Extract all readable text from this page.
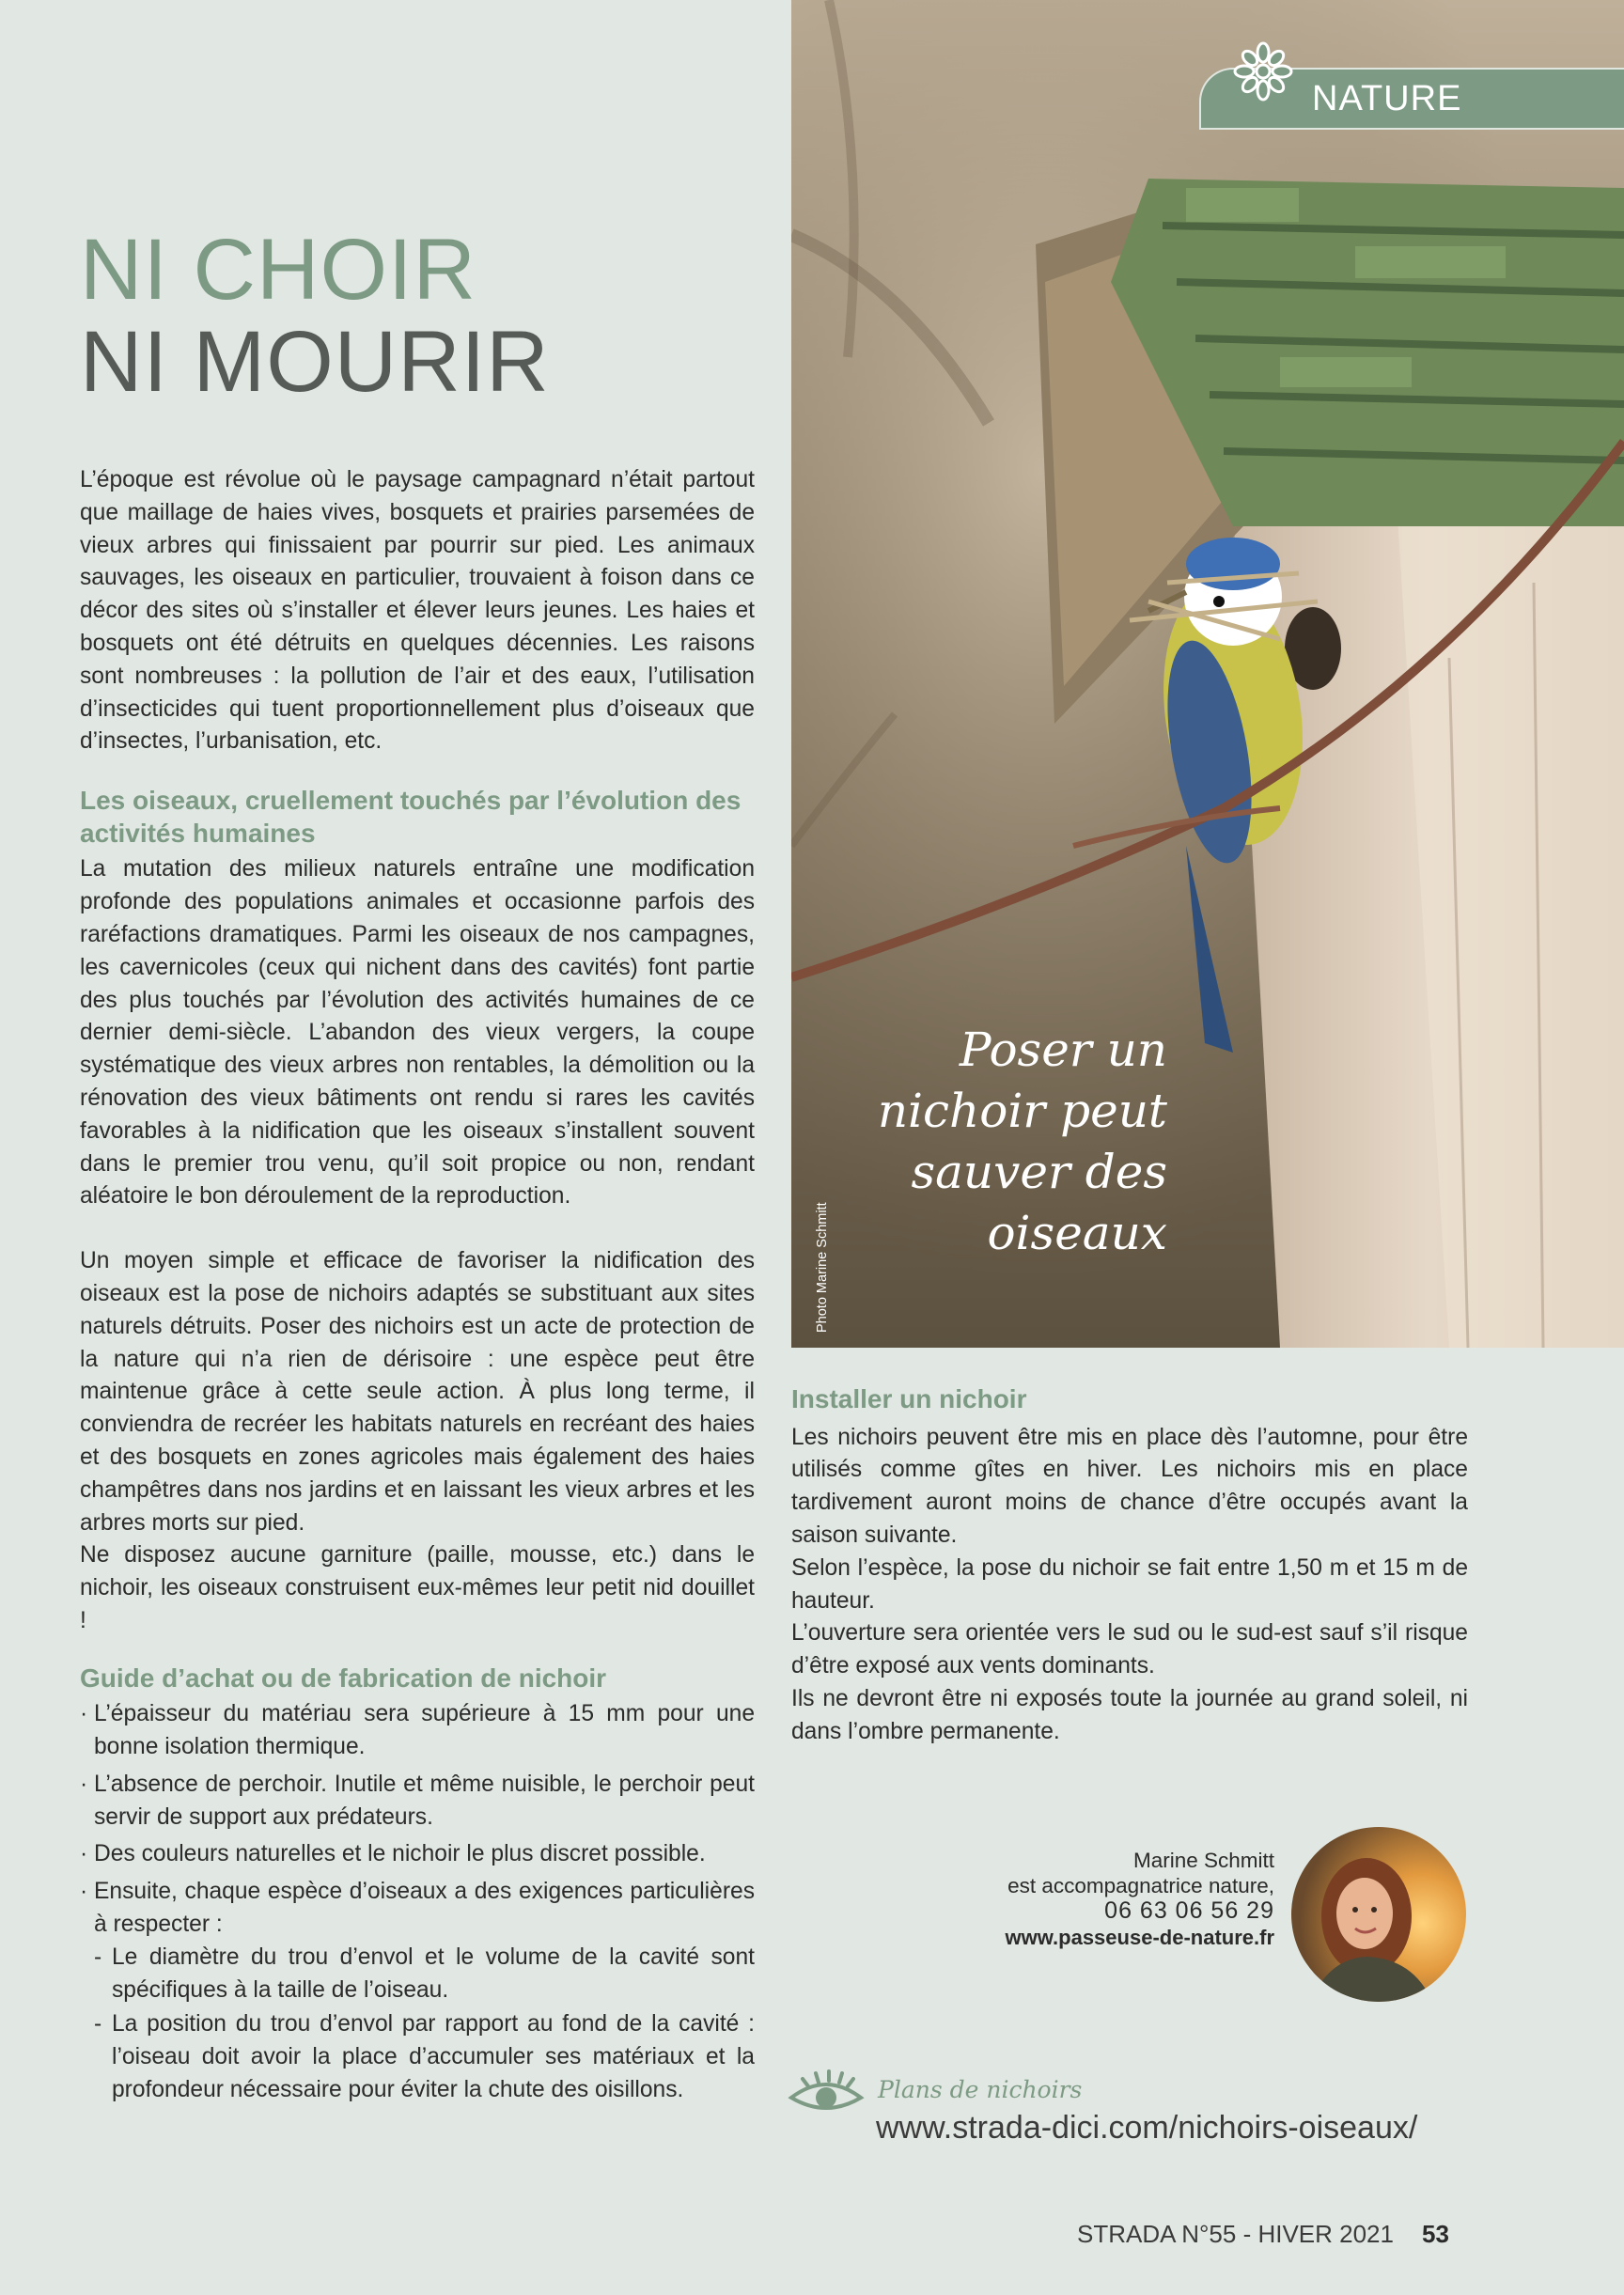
NI CHOIR
NI MOURIR

L’époque est révolue où le paysage campagnard n’était partout que maillage de haies vives, bosquets et prairies parsemées de vieux arbres qui finissaient par pourrir sur pied. Les animaux sauvages, les oiseaux en particulier, trouvaient à foison dans ce décor des sites où s’installer et élever leurs jeunes. Les haies et bosquets ont été détruits en quelques décennies. Les raisons sont nombreuses : la pollution de l’air et des eaux, l’utilisation d’insecticides qui tuent proportionnellement plus d’oiseaux que d’insectes, l’urbanisation, etc.

Les oiseaux, cruellement touchés par l’évolution des activités humaines

La mutation des milieux naturels entraîne une modification profonde des populations animales et occasionne parfois des raréfactions dramatiques. Parmi les oiseaux de nos campagnes, les cavernicoles (ceux qui nichent dans des cavités) font partie des plus touchés par l’évolution des activités humaines de ce dernier demi-siècle. L’abandon des vieux vergers, la coupe systématique des vieux arbres non rentables, la démolition ou la rénovation des vieux bâtiments ont rendu si rares les cavités favorables à la nidification que les oiseaux s’installent souvent dans le premier trou venu, qu’il soit propice ou non, rendant aléatoire le bon déroulement de la reproduction.

Un moyen simple et efficace de favoriser la nidification des oiseaux est la pose de nichoirs adaptés se substituant aux sites naturels détruits. Poser des nichoirs est un acte de protection de la nature qui n’a rien de dérisoire : une espèce peut être maintenue grâce à cette seule action. À plus long terme, il conviendra de recréer les habitats naturels en recréant des haies et des bosquets en zones agricoles mais également des haies champêtres dans nos jardins et en laissant les vieux arbres et les arbres morts sur pied.

Ne disposez aucune garniture (paille, mousse, etc.) dans le nichoir, les oiseaux construisent eux-mêmes leur petit nid douillet !

Guide d’achat ou de fabrication de nichoir
· L’épaisseur du matériau sera supérieure à 15 mm pour une bonne isolation thermique.
· L’absence de perchoir. Inutile et même nuisible, le perchoir peut servir de support aux prédateurs.
· Des couleurs naturelles et le nichoir le plus discret possible.
· Ensuite, chaque espèce d’oiseaux a des exigences particulières à respecter :
- Le diamètre du trou d’envol et le volume de la cavité sont spécifiques à la taille de l’oiseau.
- La position du trou d’envol par rapport au fond de la cavité : l’oiseau doit avoir la place d’accumuler ses matériaux et la profondeur nécessaire pour éviter la chute des oisillons.
Photo Marine Schmitt

Poser un nichoir peut sauver des oiseaux

NATURE
Installer un nichoir

Les nichoirs peuvent être mis en place dès l’automne, pour être utilisés comme gîtes en hiver. Les nichoirs mis en place tardivement auront moins de chance d’être occupés avant la saison suivante.

Selon l’espèce, la pose du nichoir se fait entre 1,50 m et 15 m de hauteur.

L’ouverture sera orientée vers le sud ou le sud-est sauf s’il risque d’être exposé aux vents dominants.

Ils ne devront être ni exposés toute la journée au grand soleil, ni dans l’ombre permanente.

Marine Schmitt
est accompagnatrice nature,
06 63 06 56 29
www.passeuse-de-nature.fr
Plans de nichoirs
www.strada-dici.com/nichoirs-oiseaux/
STRADA N°55 - HIVER 2021 53
